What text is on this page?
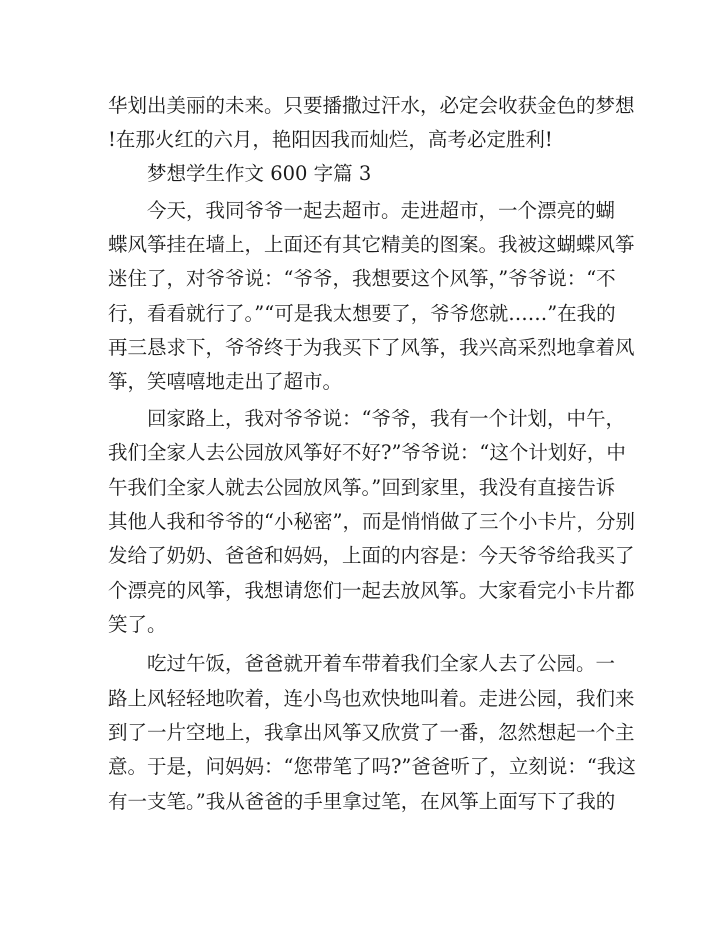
华划出美丽的未来。只要播撒过汗水，必定会收获金色的梦想
!在那火红的六月，艳阳因我而灿烂，高考必定胜利!
梦想学生作文 600 字篇 3
今天，我同爷爷一起去超市。走进超市，一个漂亮的蝴
蝶风筝挂在墙上，上面还有其它精美的图案。我被这蝴蝶风筝
迷住了，对爷爷说：“爷爷，我想要这个风筝，”爷爷说：“不
行，看看就行了。”“可是我太想要了，爷爷您就……”在我的
再三恳求下，爷爷终于为我买下了风筝，我兴高采烈地拿着风
筝，笑嘻嘻地走出了超市。
回家路上，我对爷爷说：“爷爷，我有一个计划，中午，
我们全家人去公园放风筝好不好?”爷爷说：“这个计划好，中
午我们全家人就去公园放风筝。”回到家里，我没有直接告诉
其他人我和爷爷的“小秘密”，而是悄悄做了三个小卡片，分别
发给了奶奶、爸爸和妈妈，上面的内容是：今天爷爷给我买了
个漂亮的风筝，我想请您们一起去放风筝。大家看完小卡片都
笑了。
吃过午饭，爸爸就开着车带着我们全家人去了公园。一
路上风轻轻地吹着，连小鸟也欢快地叫着。走进公园，我们来
到了一片空地上，我拿出风筝又欣赏了一番，忽然想起一个主
意。于是，问妈妈：“您带笔了吗?”爸爸听了，立刻说：“我这
有一支笔。”我从爸爸的手里拿过笔，在风筝上面写下了我的
